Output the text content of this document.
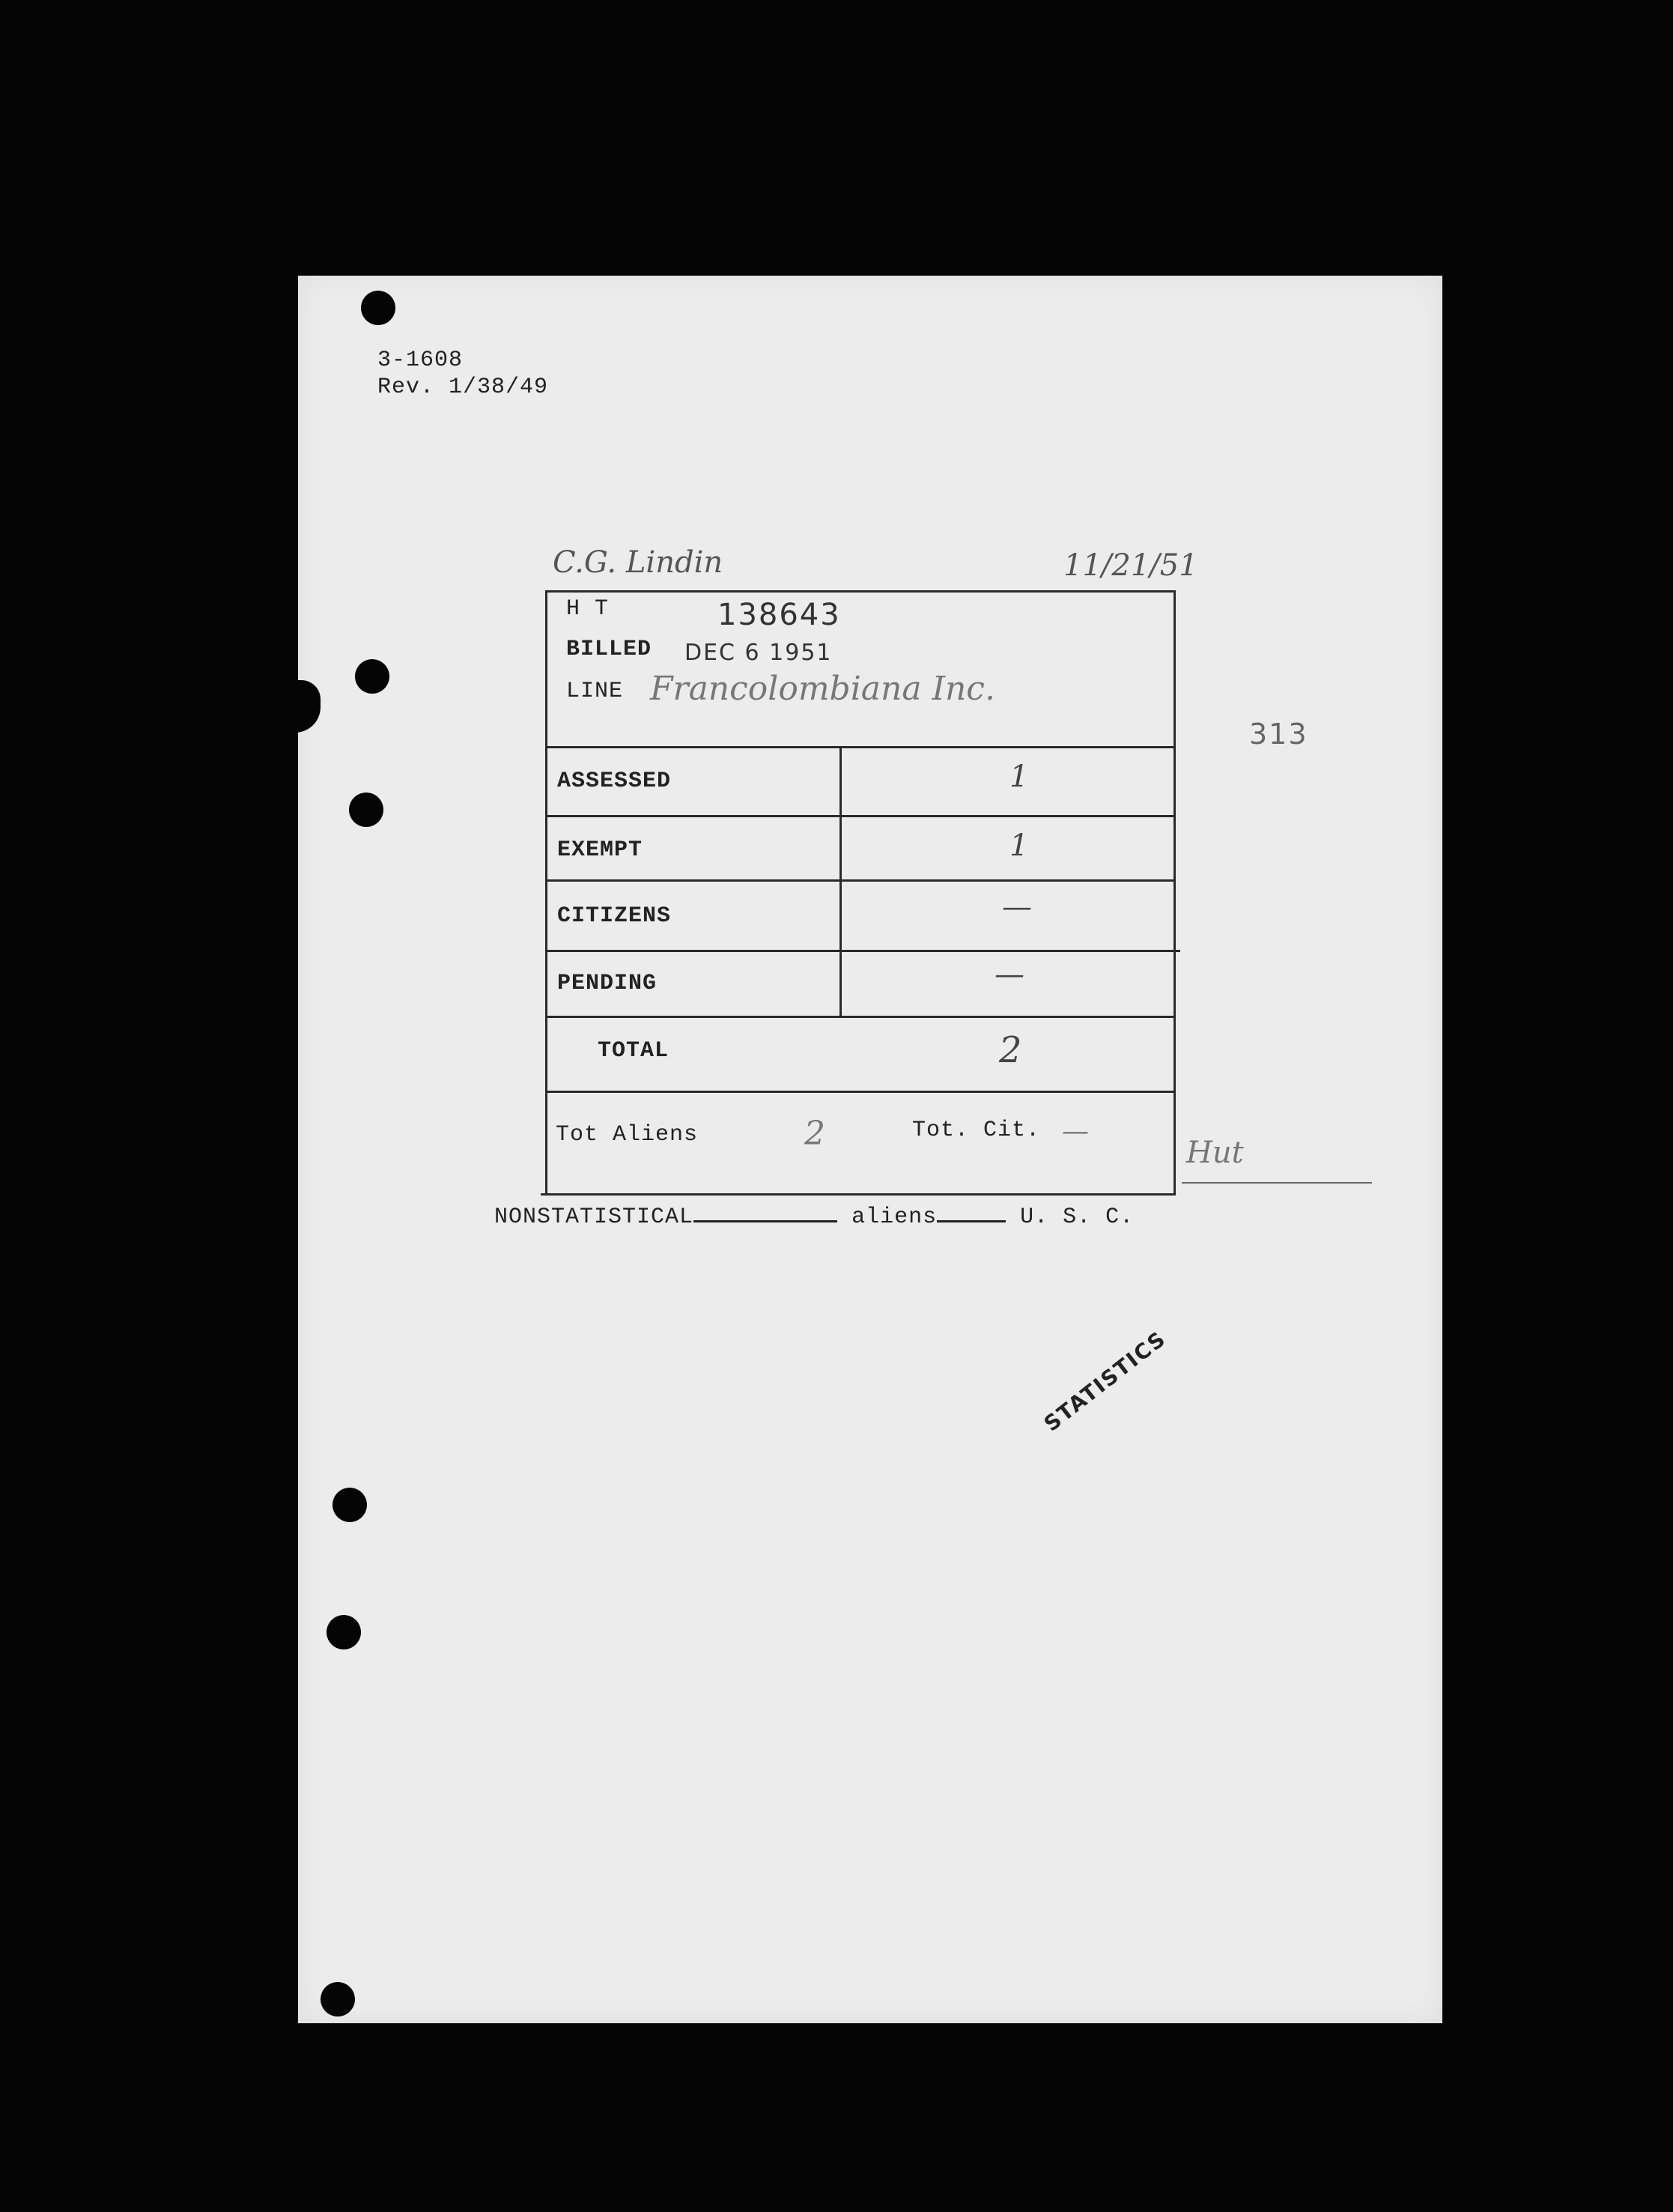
3-1608
Rev. 1/38/49
C.G. Lindin	11/21/51
313
H T	138643
BILLED DEC 6 1951
LINE Francolombiana Inc.
ASSESSED	1
EXEMPT	1
CITIZENS	—
PENDING	—
TOTAL	2
Tot Aliens	2	Tot. Cit. —
Hut
NONSTATISTICAL	aliens	U. S. C.
STATISTICS
